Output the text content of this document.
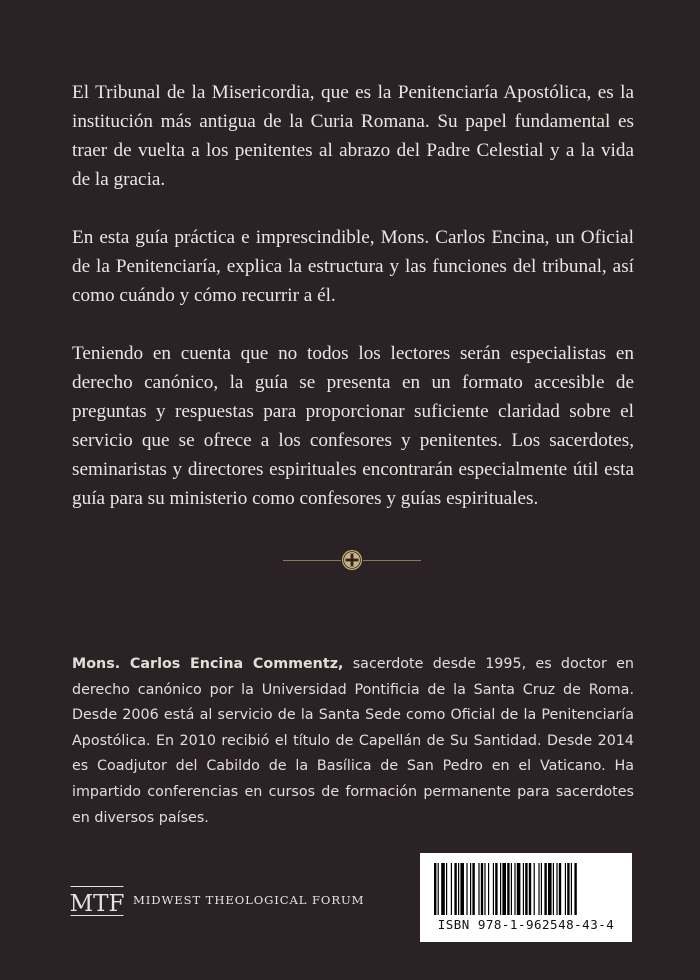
El Tribunal de la Misericordia, que es la Penitenciaría Apostólica, es la institución más antigua de la Curia Romana. Su papel fundamental es traer de vuelta a los penitentes al abrazo del Padre Celestial y a la vida de la gracia.

En esta guía práctica e imprescindible, Mons. Carlos Encina, un Oficial de la Penitenciaría, explica la estructura y las funciones del tribunal, así como cuándo y cómo recurrir a él.

Teniendo en cuenta que no todos los lectores serán especialistas en derecho canónico, la guía se presenta en un formato accesible de preguntas y respuestas para proporcionar suficiente claridad sobre el servicio que se ofrece a los confesores y penitentes. Los sacerdotes, seminaristas y directores espirituales encontrarán especialmente útil esta guía para su ministerio como confesores y guías espirituales.

Mons. Carlos Encina Commentz, sacerdote desde 1995, es doctor en derecho canónico por la Universidad Pontificia de la Santa Cruz de Roma. Desde 2006 está al servicio de la Santa Sede como Oficial de la Penitenciaría Apostólica. En 2010 recibió el título de Capellán de Su Santidad. Desde 2014 es Coadjutor del Cabildo de la Basílica de San Pedro en el Vaticano. Ha impartido conferencias en cursos de formación permanente para sacerdotes en diversos países.
MTF MIDWEST THEOLOGICAL FORUM
ISBN 978-1-962548-43-4
